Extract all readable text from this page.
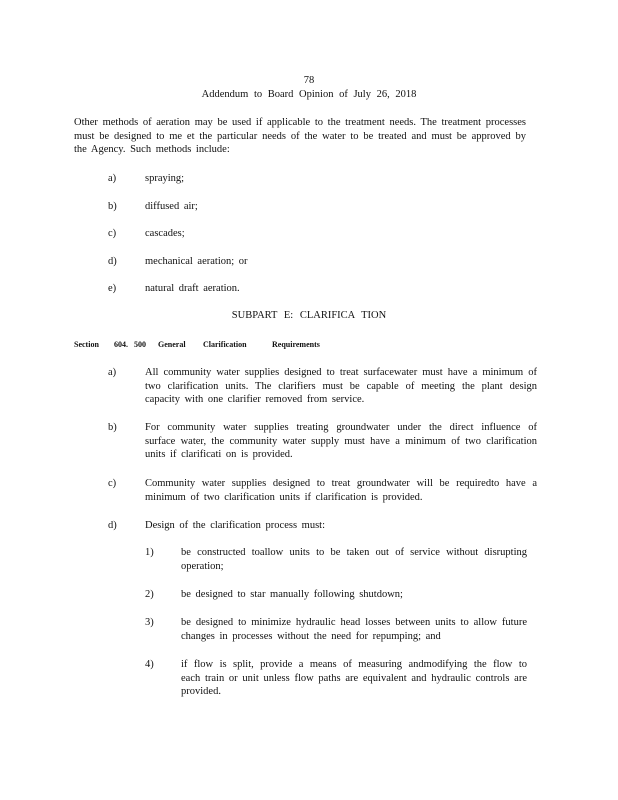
78
Addendum to Board Opinion of July 26, 2018
Other methods of aeration may be used if applicable to the treatment needs. The treatment processes must be designed to me et the particular needs of the water to be treated and must be approved by the Agency. Such methods include:
a)	spraying;
b)	diffused air;
c)	cascades;
d)	mechanical aeration; or
e)	natural draft aeration.
SUBPART E: CLARIFICA TION
Section 604. 500 General Clarification	Requirements
a)	All community water supplies designed to treat surfacewater must have a minimum of two clarification units. The clarifiers must be capable of meeting the plant design capacity with one clarifier removed from service.
b)	For community water supplies treating groundwater under the direct influence of surface water, the community water supply must have a minimum of two clarification units if clarificati on is provided.
c)	Community water supplies designed to treat groundwater will be requiredto have a minimum of two clarification units if clarification is provided.
d)	Design of the clarification process must:
1)	be constructed toallow units to be taken out of service without disrupting operation;
2)	be designed to star manually following shutdown;
3)	be designed to minimize hydraulic head losses between units to allow future changes in processes without the need for repumping; and
4)	if flow is split, provide a means of measuring andmodifying the flow to each train or unit unless flow paths are equivalent and hydraulic controls are provided.
